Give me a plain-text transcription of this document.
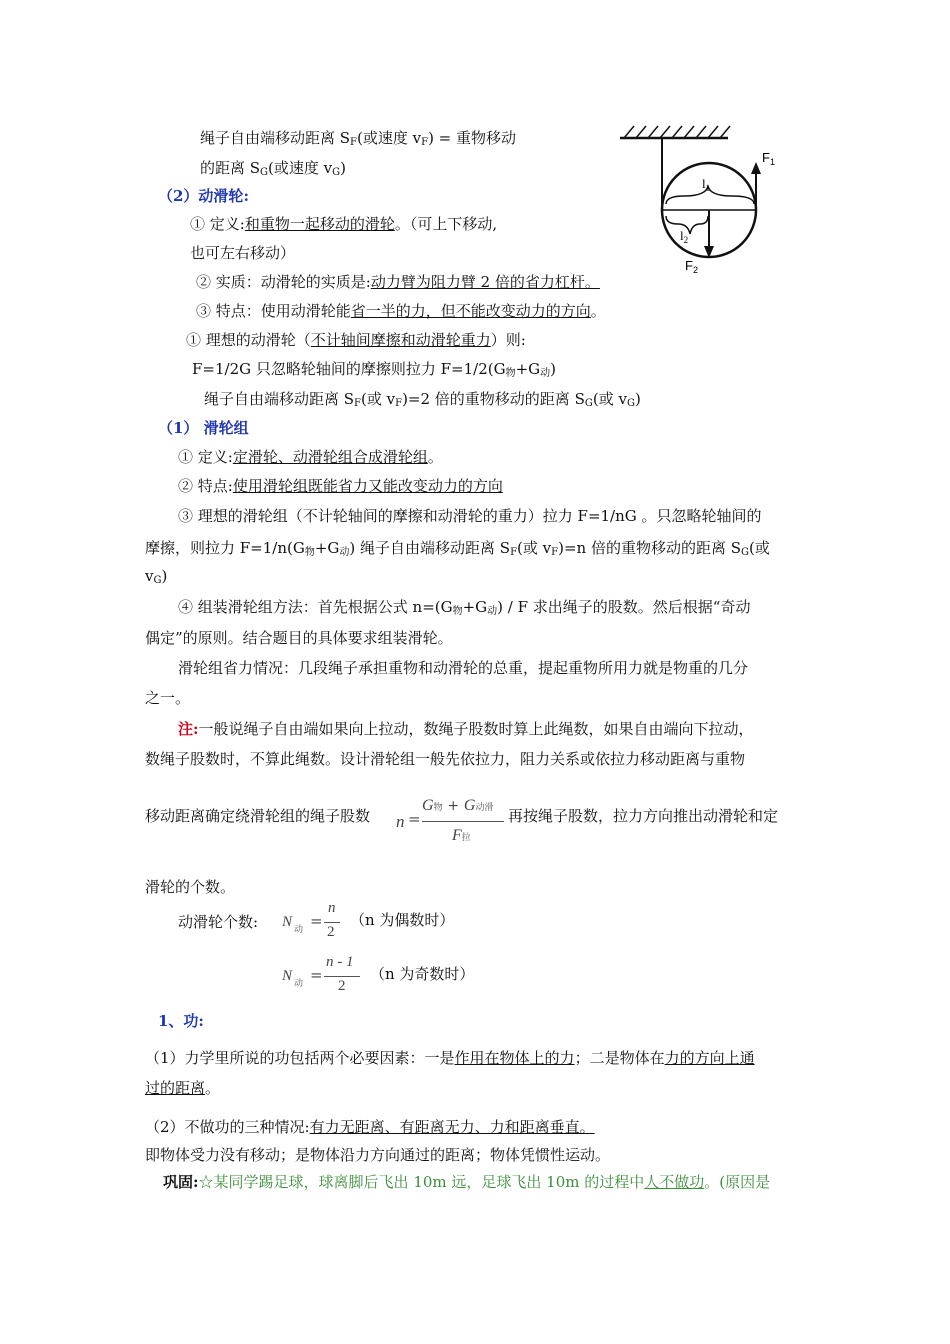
绳子自由端移动距离 $S_F$(或速度 $v_F$) = 重物移动
的距离 $S_G$(或速度 $v_G$)
（2）动滑轮:
① 定义:和重物一起移动的滑轮。（可上下移动,
也可左右移动）
② 实质：动滑轮的实质是:动力臂为阻力臂 2 倍的省力杠杆。
③ 特点：使用动滑轮能省一半的力，但不能改变动力的方向。
① 理想的动滑轮（不计轴间摩擦和动滑轮重力）则:
F=1/2G 只忽略轮轴间的摩擦则拉力 $F=1/2(G_物+G_动)$
绳子自由端移动距离 $S_F$(或 $v_F)=2$ 倍的重物移动的距离 $S_G$(或 $v_G$)
$F_1$
$l_1$
$l_2$
$F_2$
（1） 滑轮组
① 定义:定滑轮、动滑轮组合成滑轮组。
② 特点:使用滑轮组既能省力又能改变动力的方向
③ 理想的滑轮组（不计轮轴间的摩擦和动滑轮的重力）拉力 F=1/nG 。只忽略轮轴间的
摩擦，则拉力 $F=1/n(G_物+G_动)$ 绳子自由端移动距离 $S_F$(或 $v_F)=n$ 倍的重物移动的距离 $S_G$(或
$v_G$)
④ 组装滑轮组方法：首先根据公式 $n=(G_物+G_动) / F$ 求出绳子的股数。然后根据“奇动
偶定”的原则。结合题目的具体要求组装滑轮。
滑轮组省力情况：几段绳子承担重物和动滑轮的总重，提起重物所用力就是物重的几分
之一。
注:一般说绳子自由端如果向上拉动，数绳子股数时算上此绳数，如果自由端向下拉动，
数绳子股数时，不算此绳数。设计滑轮组一般先依拉力，阻力关系或依拉力移动距离与重物
移动距离确定绕滑轮组的绳子股数	再按绳子股数，拉力方向推出动滑轮和定
n =
G物 + G动滑
F拉
滑轮的个数。
动滑轮个数: N 动 =
n
2
（n 为偶数时）
N 动 =
n - 1
2
（n 为奇数时）
1、功:
（1）力学里所说的功包括两个必要因素：一是作用在物体上的力；二是物体在力的方向上通
过的距离。
（2）不做功的三种情况:有力无距离、有距离无力、力和距离垂直。
即物体受力没有移动；是物体沿力方向通过的距离；物体凭惯性运动。
巩固:☆某同学踢足球，球离脚后飞出 10m 远，足球飞出 10m 的过程中人不做功。(原因是
